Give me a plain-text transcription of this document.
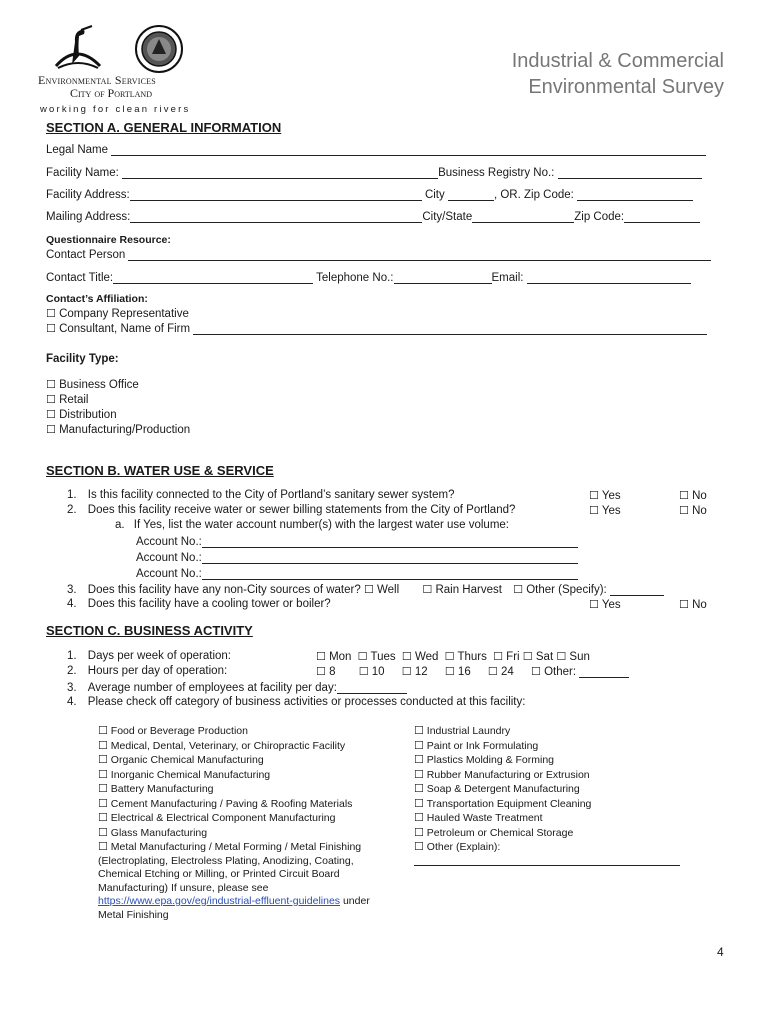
Environmental Services
City of Portland
working for clean rivers
Industrial & Commercial
Environmental Survey
SECTION A. GENERAL INFORMATION
Legal Name
Facility Name:	Business Registry No.:
Facility Address:	City	, OR. Zip Code:
Mailing Address:	City/State	Zip Code:
Questionnaire Resource:
Contact Person
Contact Title:	Telephone No.:	Email:
Contact’s Affiliation:
☐ Company Representative
☐ Consultant, Name of Firm
Facility Type:
☐ Business Office
☐ Retail
☐ Distribution
☐ Manufacturing/Production
SECTION B. WATER USE & SERVICE
1. Is this facility connected to the City of Portland’s sanitary sewer system?	☐ Yes	☐ No
2. Does this facility receive water or sewer billing statements from the City of Portland?	☐ Yes	☐ No
a. If Yes, list the water account number(s) with the largest water use volume:
Account No.:
Account No.:
Account No.:
3. Does this facility have any non-City sources of water? ☐ Well ☐ Rain Harvest ☐ Other (Specify):
4. Does this facility have a cooling tower or boiler?	☐ Yes	☐ No
SECTION C. BUSINESS ACTIVITY
1. Days per week of operation:	☐ Mon ☐ Tues ☐ Wed ☐ Thurs ☐ Fri ☐ Sat ☐ Sun
2. Hours per day of operation:	☐ 8 ☐ 10 ☐ 12 ☐ 16 ☐ 24 ☐ Other:
3. Average number of employees at facility per day:
4. Please check off category of business activities or processes conducted at this facility:
☐ Food or Beverage Production
☐ Medical, Dental, Veterinary, or Chiropractic Facility
☐ Organic Chemical Manufacturing
☐ Inorganic Chemical Manufacturing
☐ Battery Manufacturing
☐ Cement Manufacturing / Paving & Roofing Materials
☐ Electrical & Electrical Component Manufacturing
☐ Glass Manufacturing
☐ Metal Manufacturing / Metal Forming / Metal Finishing
(Electroplating, Electroless Plating, Anodizing, Coating,
Chemical Etching or Milling, or Printed Circuit Board
Manufacturing) If unsure, please see
https://www.epa.gov/eg/industrial-effluent-guidelines under
Metal Finishing
☐ Industrial Laundry
☐ Paint or Ink Formulating
☐ Plastics Molding & Forming
☐ Rubber Manufacturing or Extrusion
☐ Soap & Detergent Manufacturing
☐ Transportation Equipment Cleaning
☐ Hauled Waste Treatment
☐ Petroleum or Chemical Storage
☐ Other (Explain):
4
